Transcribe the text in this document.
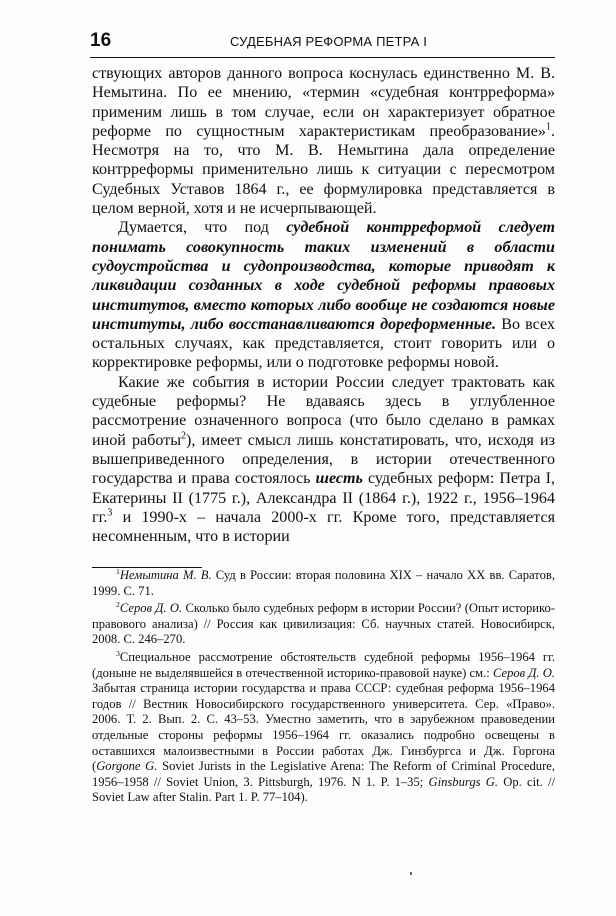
16	СУДЕБНАЯ РЕФОРМА ПЕТРА I

ствующих авторов данного вопроса коснулась единственно М. В. Немытина. По ее мнению, «термин «судебная контрреформа» применим лишь в том случае, если он характеризует обратное реформе по сущностным характеристикам преобразование»$^1$. Несмотря на то, что М. В. Немытина дала определение контрреформы применительно лишь к ситуации с пересмотром Судебных Уставов 1864 г., ее формулировка представляется в целом верной, хотя и не исчерпывающей.

Думается, что под судебной контрреформой следует понимать совокупность таких изменений в области судоустройства и судопроизводства, которые приводят к ликвидации созданных в ходе судебной реформы правовых институтов, вместо которых либо вообще не создаются новые институты, либо восстанавливаются дореформенные. Во всех остальных случаях, как представляется, стоит говорить или о корректировке реформы, или о подготовке реформы новой.

Какие же события в истории России следует трактовать как судебные реформы? Не вдаваясь здесь в углубленное рассмотрение означенного вопроса (что было сделано в рамках иной работы$^2$), имеет смысл лишь констатировать, что, исходя из вышеприведенного определения, в истории отечественного государства и права состоялось шесть судебных реформ: Петра I, Екатерины II (1775 г.), Александра II (1864 г.), 1922 г., 1956–1964 гг.$^3$ и 1990-х – начала 2000-х гг. Кроме того, представляется несомненным, что в истории

$^1$Немытина М. В. Суд в России: вторая половина XIX – начало XX вв. Саратов, 1999. С. 71.

$^2$Серов Д. О. Сколько было судебных реформ в истории России? (Опыт историко-правового анализа) // Россия как цивилизация: Сб. научных статей. Новосибирск, 2008. С. 246–270.

$^3$Специальное рассмотрение обстоятельств судебной реформы 1956–1964 гг. (доныне не выделявшейся в отечественной историко-правовой науке) см.: Серов Д. О. Забытая страница истории государства и права СССР: судебная реформа 1956–1964 годов // Вестник Новосибирского государственного университета. Сер. «Право». 2006. Т. 2. Вып. 2. С. 43–53. Уместно заметить, что в зарубежном правоведении отдельные стороны реформы 1956–1964 гг. оказались подробно освещены в оставшихся малоизвестными в России работах Дж. Гинзбургса и Дж. Горгона (Gorgone G. Soviet Jurists in the Legislative Arena: The Reform of Criminal Procedure, 1956–1958 // Soviet Union, 3. Pittsburgh, 1976. N 1. P. 1–35; Ginsburgs G. Op. cit. // Soviet Law after Stalin. Part 1. P. 77–104).
